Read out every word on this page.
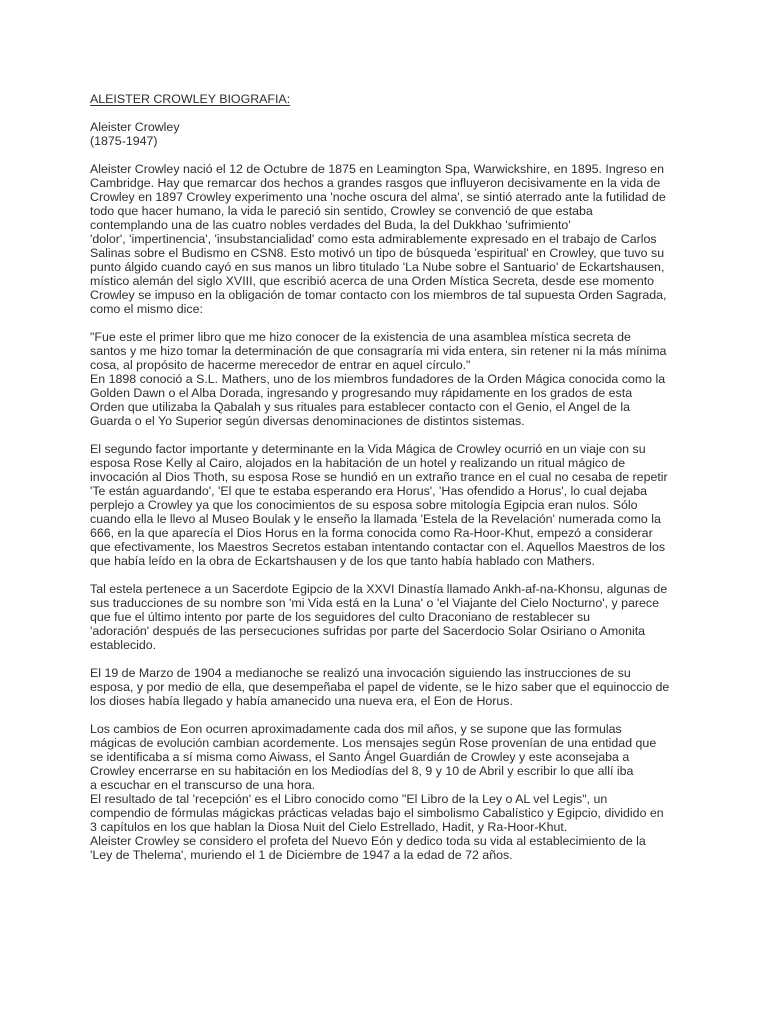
ALEISTER CROWLEY BIOGRAFIA:
Aleister Crowley
(1875-1947)
Aleister Crowley nació el 12 de Octubre de 1875 en Leamington Spa, Warwickshire, en 1895. Ingreso en
Cambridge. Hay que remarcar dos hechos a grandes rasgos que influyeron decisivamente en la vida de
Crowley en 1897 Crowley experimento una 'noche oscura del alma', se sintió aterrado ante la futilidad de
todo que hacer humano, la vida le pareció sin sentido, Crowley se convenció de que estaba
contemplando una de las cuatro nobles verdades del Buda, la del Dukkhao 'sufrimiento'
'dolor', 'impertinencia', 'insubstancialidad' como esta admirablemente expresado en el trabajo de Carlos
Salinas sobre el Budismo en CSN8. Esto motivó un tipo de búsqueda 'espiritual' en Crowley, que tuvo su
punto álgido cuando cayó en sus manos un libro titulado 'La Nube sobre el Santuario' de Eckartshausen,
místico alemán del siglo XVIII, que escribió acerca de una Orden Mística Secreta, desde ese momento
Crowley se impuso en la obligación de tomar contacto con los miembros de tal supuesta Orden Sagrada,
como el mismo dice:
"Fue este el primer libro que me hizo conocer de la existencia de una asamblea mística secreta de
santos y me hizo tomar la determinación de que consagraría mi vida entera, sin retener ni la más mínima
cosa, al propósito de hacerme merecedor de entrar en aquel círculo."
En 1898 conoció a S.L. Mathers, uno de los miembros fundadores de la Orden Mágica conocida como la
Golden Dawn o el Alba Dorada, ingresando y progresando muy rápidamente en los grados de esta
Orden que utilizaba la Qabalah y sus rituales para establecer contacto con el Genio, el Angel de la
Guarda o el Yo Superior según diversas denominaciones de distintos sistemas.
El segundo factor importante y determinante en la Vida Mágica de Crowley ocurrió en un viaje con su
esposa Rose Kelly al Cairo, alojados en la habitación de un hotel y realizando un ritual mágico de
invocación al Dios Thoth, su esposa Rose se hundió en un extraño trance en el cual no cesaba de repetir
'Te están aguardando', 'El que te estaba esperando era Horus', 'Has ofendido a Horus', lo cual dejaba
perplejo a Crowley ya que los conocimientos de su esposa sobre mitología Egipcia eran nulos. Sólo
cuando ella le llevo al Museo Boulak y le enseño la llamada 'Estela de la Revelación' numerada como la
666, en la que aparecía el Dios Horus en la forma conocida como Ra-Hoor-Khut, empezó a considerar
que efectivamente, los Maestros Secretos estaban intentando contactar con el. Aquellos Maestros de los
que había leído en la obra de Eckartshausen y de los que tanto había hablado con Mathers.
Tal estela pertenece a un Sacerdote Egipcio de la XXVI Dinastía llamado Ankh-af-na-Khonsu, algunas de
sus traducciones de su nombre son 'mi Vida está en la Luna' o 'el Viajante del Cielo Nocturno', y parece
que fue el último intento por parte de los seguidores del culto Draconiano de restablecer su
'adoración' después de las persecuciones sufridas por parte del Sacerdocio Solar Osiriano o Amonita
establecido.
El 19 de Marzo de 1904 a medianoche se realizó una invocación siguiendo las instrucciones de su
esposa, y por medio de ella, que desempeñaba el papel de vidente, se le hizo saber que el equinoccio de
los dioses había llegado y había amanecido una nueva era, el Eon de Horus.
Los cambios de Eon ocurren aproximadamente cada dos mil años, y se supone que las formulas
mágicas de evolución cambian acordemente. Los mensajes según Rose provenían de una entidad que
se identificaba a sí misma como Aiwass, el Santo Ángel Guardián de Crowley y este aconsejaba a
Crowley encerrarse en su habitación en los Mediodías del 8, 9 y 10 de Abril y escribir lo que allí iba
a escuchar en el transcurso de una hora.
El resultado de tal 'recepción' es el Libro conocido como "El Libro de la Ley o AL vel Legis", un
compendio de fórmulas mágickas prácticas veladas bajo el simbolismo Cabalístico y Egipcio, dividido en
3 capítulos en los que hablan la Diosa Nuit del Cielo Estrellado, Hadit, y Ra-Hoor-Khut.
Aleister Crowley se considero el profeta del Nuevo Eón y dedico toda su vida al establecimiento de la
'Ley de Thelema', muriendo el 1 de Diciembre de 1947 a la edad de 72 años.
